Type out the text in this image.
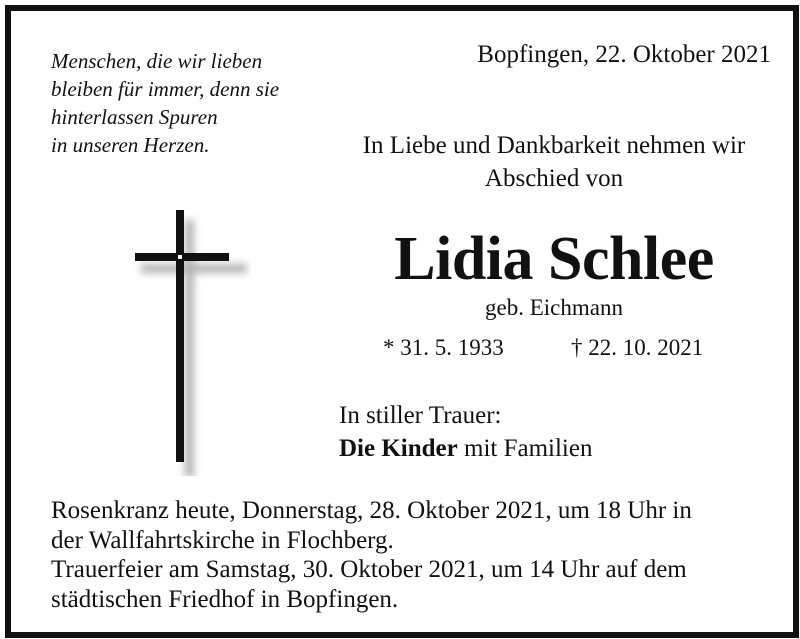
Menschen, die wir lieben
bleiben für immer, denn sie
hinterlassen Spuren
in unseren Herzen.
Bopfingen, 22. Oktober 2021
In Liebe und Dankbarkeit nehmen wir
Abschied von
Lidia Schlee
geb. Eichmann
* 31. 5. 1933	† 22. 10. 2021
In stiller Trauer:
Die Kinder mit Familien
Rosenkranz heute, Donnerstag, 28. Oktober 2021, um 18 Uhr in
der Wallfahrtskirche in Flochberg.
Trauerfeier am Samstag, 30. Oktober 2021, um 14 Uhr auf dem
städtischen Friedhof in Bopfingen.
